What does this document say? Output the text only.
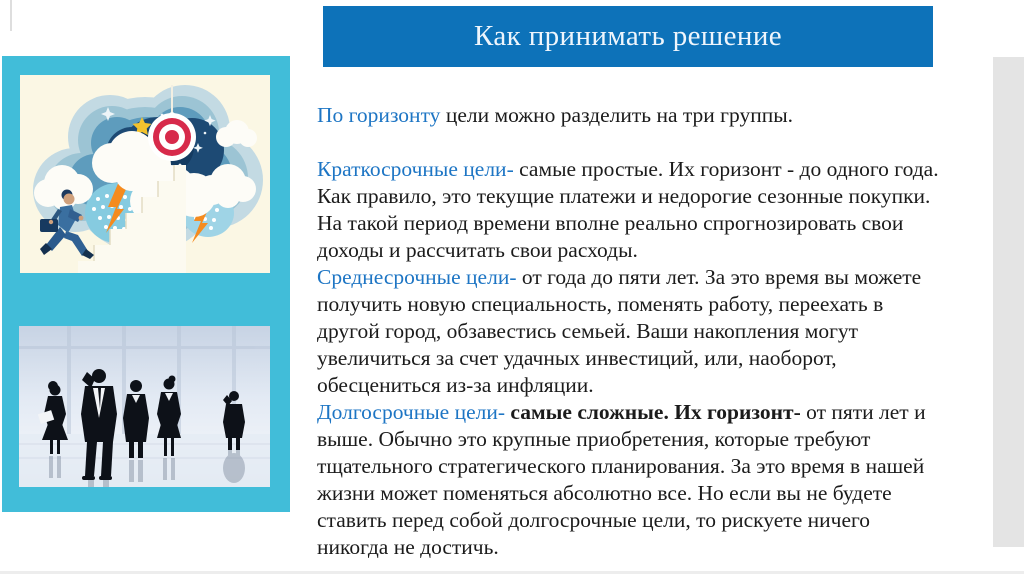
Как принимать решение
По горизонту цели можно разделить на три группы.
Краткосрочные цели- самые простые. Их горизонт - до одного года.
Как правило, это текущие платежи и недорогие сезонные покупки.
На такой период времени вполне реально спрогнозировать свои
доходы и рассчитать свои расходы.
Среднесрочные цели- от года до пяти лет. За это время вы можете
получить новую специальность, поменять работу, переехать в
другой город, обзавестись семьей. Ваши накопления могут
увеличиться за счет удачных инвестиций, или, наоборот,
обесцениться из-за инфляции.
Долгосрочные цели- самые сложные. Их горизонт- от пяти лет и
выше. Обычно это крупные приобретения, которые требуют
тщательного стратегического планирования. За это время в нашей
жизни может поменяться абсолютно все. Но если вы не будете
ставить перед собой долгосрочные цели, то рискуете ничего
никогда не достичь.
